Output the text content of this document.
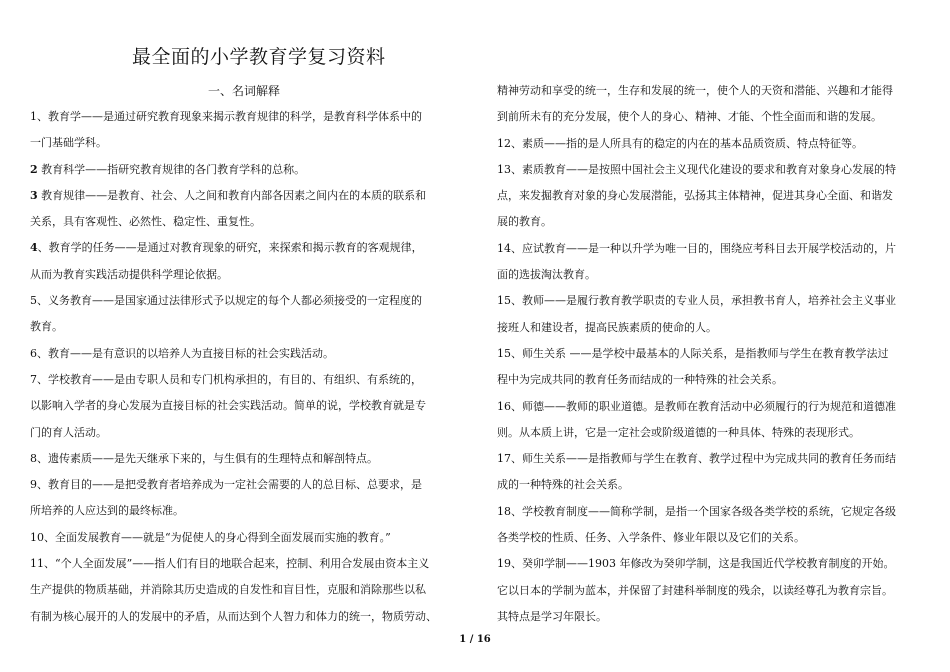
最全面的小学教育学复习资料
一、名词解释
1、教育学——是通过研究教育现象来揭示教育规律的科学，是教育科学体系中的
一门基础学科。
2 教育科学——指研究教育规律的各门教育学科的总称。
3 教育规律——是教育、社会、人之间和教育内部各因素之间内在的本质的联系和
关系，具有客观性、必然性、稳定性、重复性。
4、教育学的任务——是通过对教育现象的研究，来探索和揭示教育的客观规律，
从而为教育实践活动提供科学理论依据。
5、义务教育——是国家通过法律形式予以规定的每个人都必须接受的一定程度的
教育。
6、教育——是有意识的以培养人为直接目标的社会实践活动。
7、学校教育——是由专职人员和专门机构承担的，有目的、有组织、有系统的，
以影响入学者的身心发展为直接目标的社会实践活动。简单的说，学校教育就是专
门的育人活动。
8、遗传素质——是先天继承下来的，与生俱有的生理特点和解剖特点。
9、教育目的——是把受教育者培养成为一定社会需要的人的总目标、总要求，是
所培养的人应达到的最终标准。
10、全面发展教育——就是“为促使人的身心得到全面发展而实施的教育。”
11、“个人全面发展”——指人们有目的地联合起来，控制、利用合发展由资本主义
生产提供的物质基础，并消除其历史造成的自发性和盲目性，克服和消除那些以私
有制为核心展开的人的发展中的矛盾，从而达到个人智力和体力的统一，物质劳动、
精神劳动和享受的统一，生存和发展的统一，使个人的天资和潜能、兴趣和才能得
到前所未有的充分发展，使个人的身心、精神、才能、个性全面而和谐的发展。
12、素质——指的是人所具有的稳定的内在的基本品质资质、特点特征等。
13、素质教育——是按照中国社会主义现代化建设的要求和教育对象身心发展的特
点，来发掘教育对象的身心发展潜能，弘扬其主体精神，促进其身心全面、和谐发
展的教育。
14、应试教育——是一种以升学为唯一目的，围绕应考科目去开展学校活动的，片
面的选拔淘汰教育。
15、教师——是履行教育教学职责的专业人员，承担教书育人，培养社会主义事业
接班人和建设者，提高民族素质的使命的人。
15、师生关系 ——是学校中最基本的人际关系，是指教师与学生在教育教学法过
程中为完成共同的教育任务而结成的一种特殊的社会关系。
16、师德——教师的职业道德。是教师在教育活动中必须履行的行为规范和道德准
则。从本质上讲，它是一定社会或阶级道德的一种具体、特殊的表现形式。
17、师生关系——是指教师与学生在教育、教学过程中为完成共同的教育任务而结
成的一种特殊的社会关系。
18、学校教育制度——简称学制，是指一个国家各级各类学校的系统，它规定各级
各类学校的性质、任务、入学条件、修业年限以及它们的关系。
19、癸卯学制——1903 年修改为癸卯学制，这是我国近代学校教育制度的开始。
它以日本的学制为蓝本，并保留了封建科举制度的残余，以读经尊孔为教育宗旨。
其特点是学习年限长。
1 / 16
